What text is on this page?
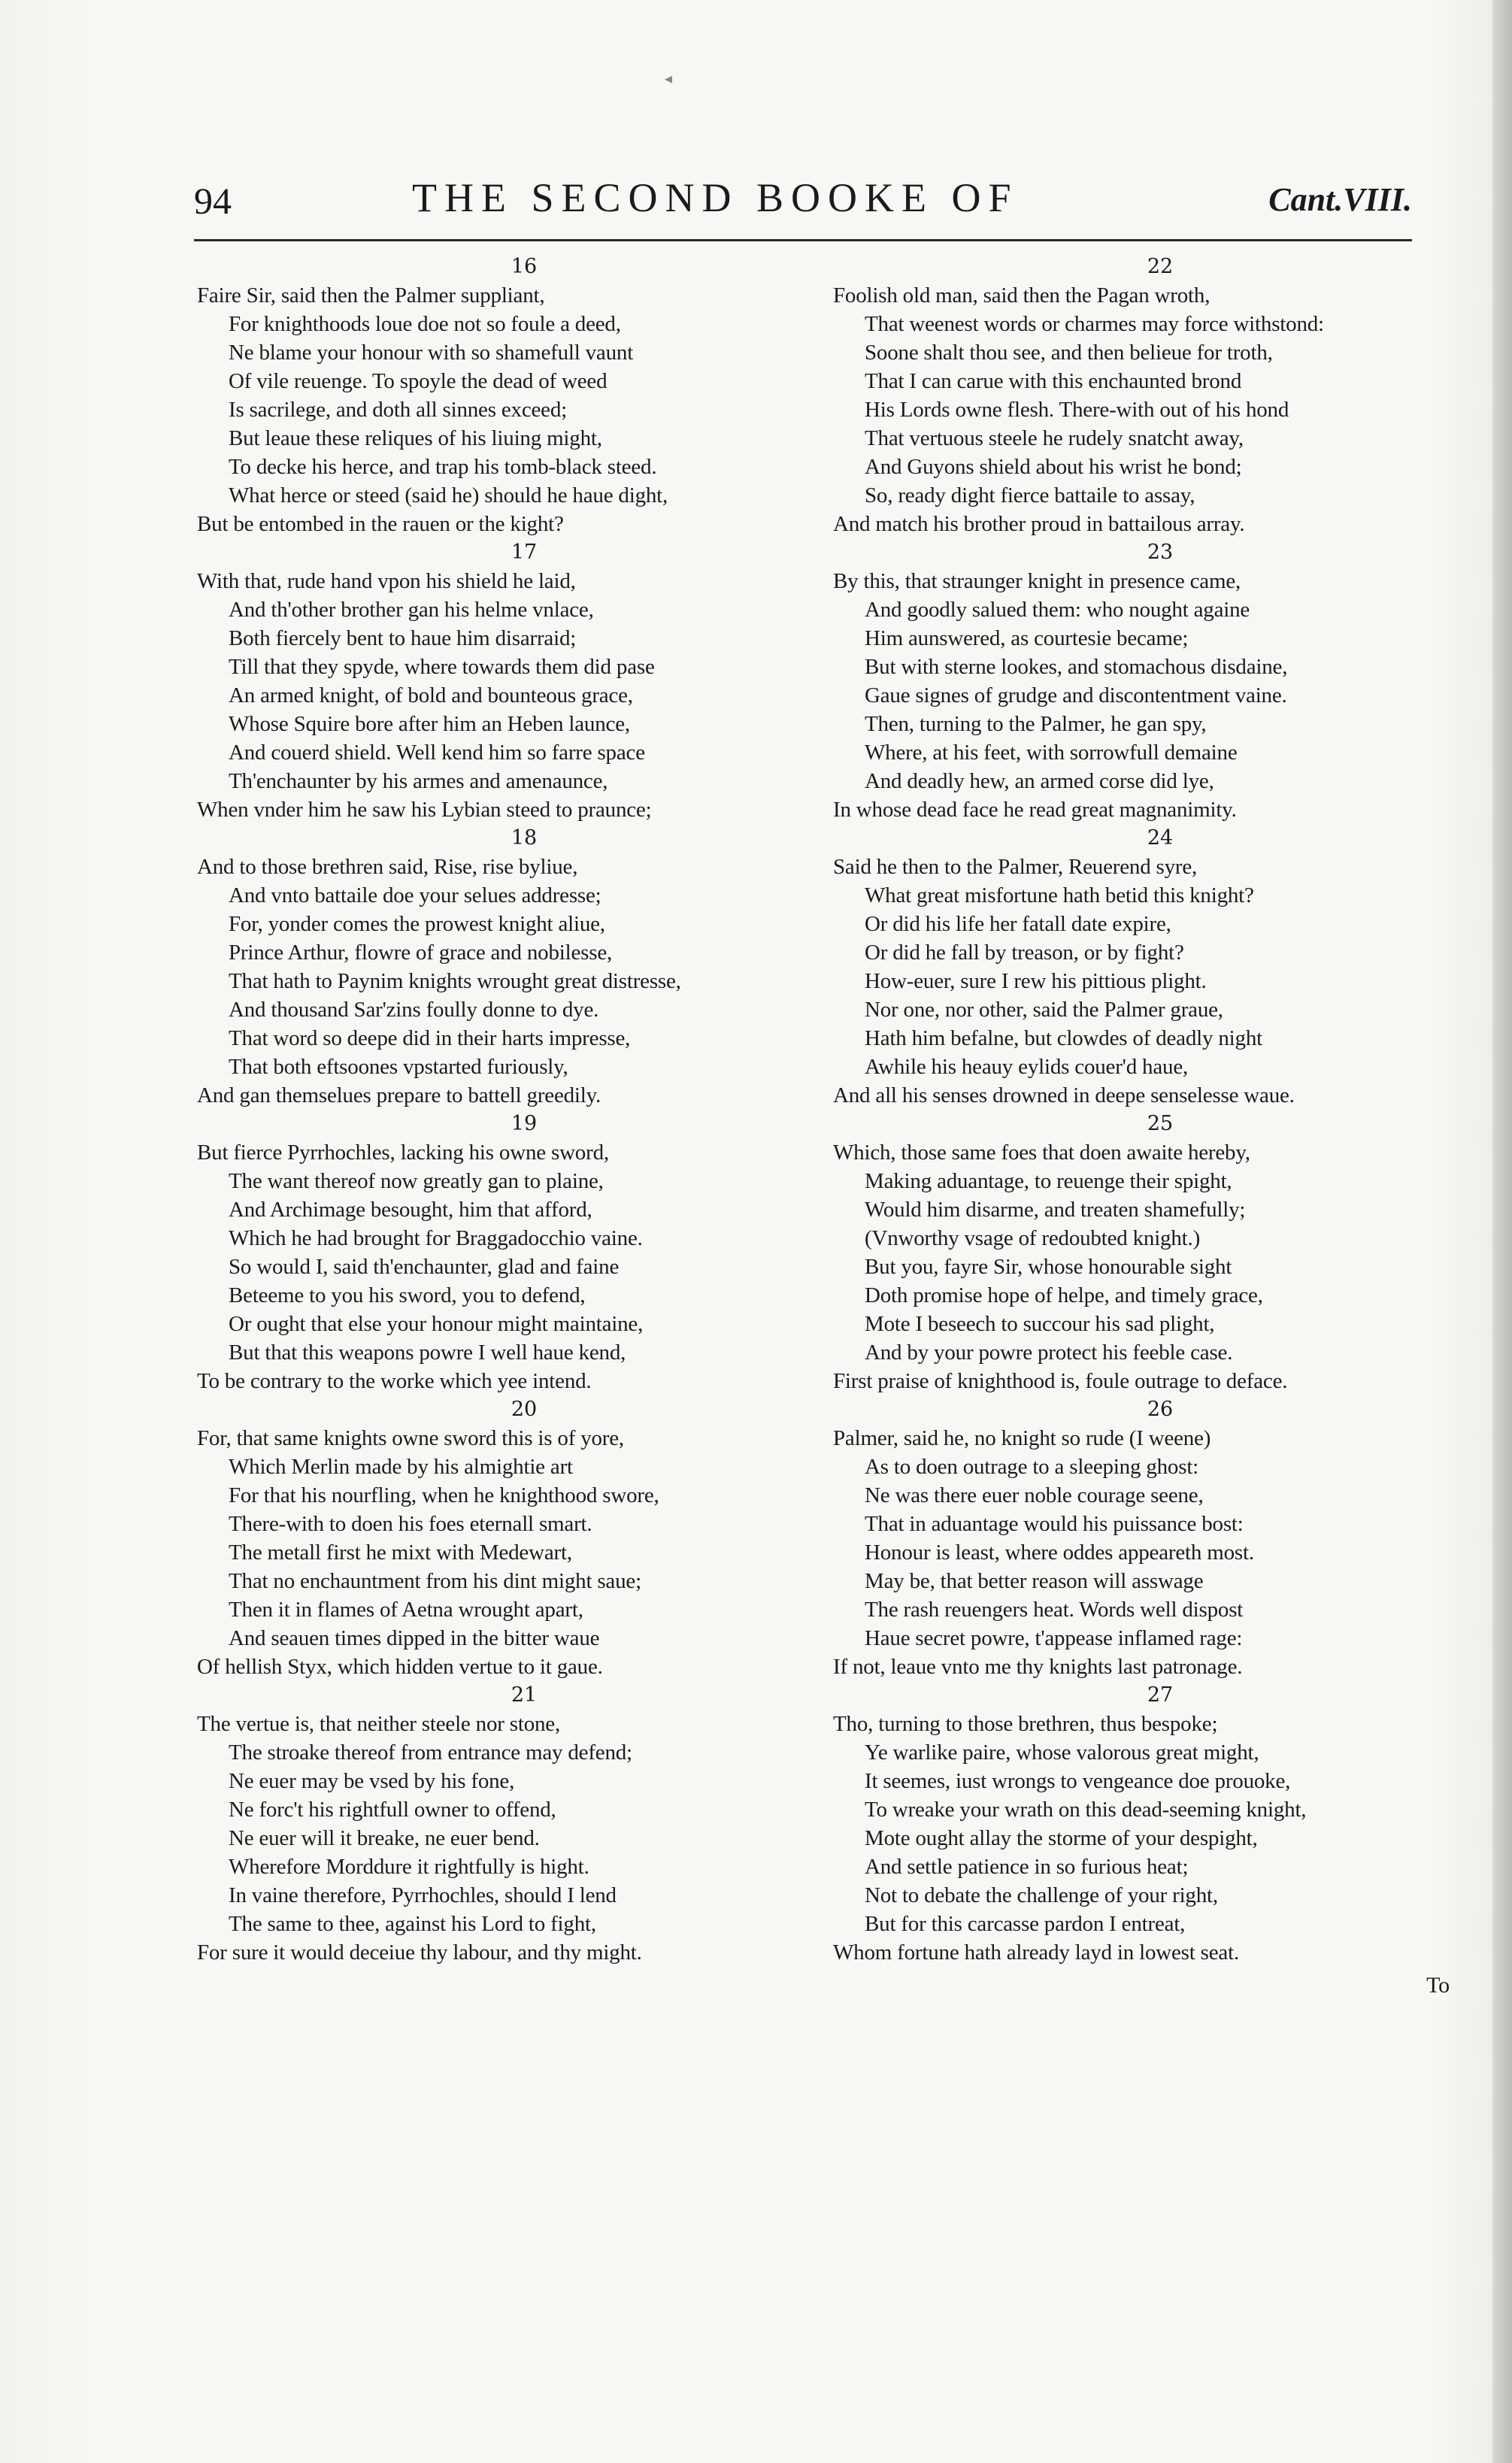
94	THE SECOND BOOKE OF	Cant.VIII.
16
Faire Sir, said then the Palmer suppliant,
For knighthoods loue doe not so foule a deed,
Ne blame your honour with so shamefull vaunt
Of vile reuenge. To spoyle the dead of weed
Is sacrilege, and doth all sinnes exceed;
But leaue these reliques of his liuing might,
To decke his herce, and trap his tomb-black steed.
What herce or steed (said he) should he haue dight,
But be entombed in the rauen or the kight?
17
With that, rude hand vpon his shield he laid,
And th'other brother gan his helme vnlace,
Both fiercely bent to haue him disarraid;
Till that they spyde, where towards them did pase
An armed knight, of bold and bounteous grace,
Whose Squire bore after him an Heben launce,
And couerd shield. Well kend him so farre space
Th'enchaunter by his armes and amenaunce,
When vnder him he saw his Lybian steed to praunce;
18
And to those brethren said, Rise, rise byliue,
And vnto battaile doe your selues addresse;
For, yonder comes the prowest knight aliue,
Prince Arthur, flowre of grace and nobilesse,
That hath to Paynim knights wrought great distresse,
And thousand Sar'zins foully donne to dye.
That word so deepe did in their harts impresse,
That both eftsoones vpstarted furiously,
And gan themselues prepare to battell greedily.
19
But fierce Pyrrhochles, lacking his owne sword,
The want thereof now greatly gan to plaine,
And Archimage besought, him that afford,
Which he had brought for Braggadocchio vaine.
So would I, said th'enchaunter, glad and faine
Beteeme to you his sword, you to defend,
Or ought that else your honour might maintaine,
But that this weapons powre I well haue kend,
To be contrary to the worke which yee intend.
20
For, that same knights owne sword this is of yore,
Which Merlin made by his almightie art
For that his nourfling, when he knighthood swore,
There-with to doen his foes eternall smart.
The metall first he mixt with Medewart,
That no enchauntment from his dint might saue;
Then it in flames of Aetna wrought apart,
And seauen times dipped in the bitter waue
Of hellish Styx, which hidden vertue to it gaue.
21
The vertue is, that neither steele nor stone,
The stroake thereof from entrance may defend;
Ne euer may be vsed by his fone,
Ne forc't his rightfull owner to offend,
Ne euer will it breake, ne euer bend.
Wherefore Morddure it rightfully is hight.
In vaine therefore, Pyrrhochles, should I lend
The same to thee, against his Lord to fight,
For sure it would deceiue thy labour, and thy might.
22
Foolish old man, said then the Pagan wroth,
That weenest words or charmes may force withstond:
Soone shalt thou see, and then belieue for troth,
That I can carue with this enchaunted brond
His Lords owne flesh. There-with out of his hond
That vertuous steele he rudely snatcht away,
And Guyons shield about his wrist he bond;
So, ready dight fierce battaile to assay,
And match his brother proud in battailous array.
23
By this, that straunger knight in presence came,
And goodly salued them: who nought againe
Him aunswered, as courtesie became;
But with sterne lookes, and stomachous disdaine,
Gaue signes of grudge and discontentment vaine.
Then, turning to the Palmer, he gan spy,
Where, at his feet, with sorrowfull demaine
And deadly hew, an armed corse did lye,
In whose dead face he read great magnanimity.
24
Said he then to the Palmer, Reuerend syre,
What great misfortune hath betid this knight?
Or did his life her fatall date expire,
Or did he fall by treason, or by fight?
How-euer, sure I rew his pittious plight.
Nor one, nor other, said the Palmer graue,
Hath him befalne, but clowdes of deadly night
Awhile his heauy eylids couer'd haue,
And all his senses drowned in deepe senselesse waue.
25
Which, those same foes that doen awaite hereby,
Making aduantage, to reuenge their spight,
Would him disarme, and treaten shamefully;
(Vnworthy vsage of redoubted knight.)
But you, fayre Sir, whose honourable sight
Doth promise hope of helpe, and timely grace,
Mote I beseech to succour his sad plight,
And by your powre protect his feeble case.
First praise of knighthood is, foule outrage to deface.
26
Palmer, said he, no knight so rude (I weene)
As to doen outrage to a sleeping ghost:
Ne was there euer noble courage seene,
That in aduantage would his puissance bost:
Honour is least, where oddes appeareth most.
May be, that better reason will asswage
The rash reuengers heat. Words well dispost
Haue secret powre, t'appease inflamed rage:
If not, leaue vnto me thy knights last patronage.
27
Tho, turning to those brethren, thus bespoke;
Ye warlike paire, whose valorous great might,
It seemes, iust wrongs to vengeance doe prouoke,
To wreake your wrath on this dead-seeming knight,
Mote ought allay the storme of your despight,
And settle patience in so furious heat;
Not to debate the challenge of your right,
But for this carcasse pardon I entreat,
Whom fortune hath already layd in lowest seat.
To
◂
